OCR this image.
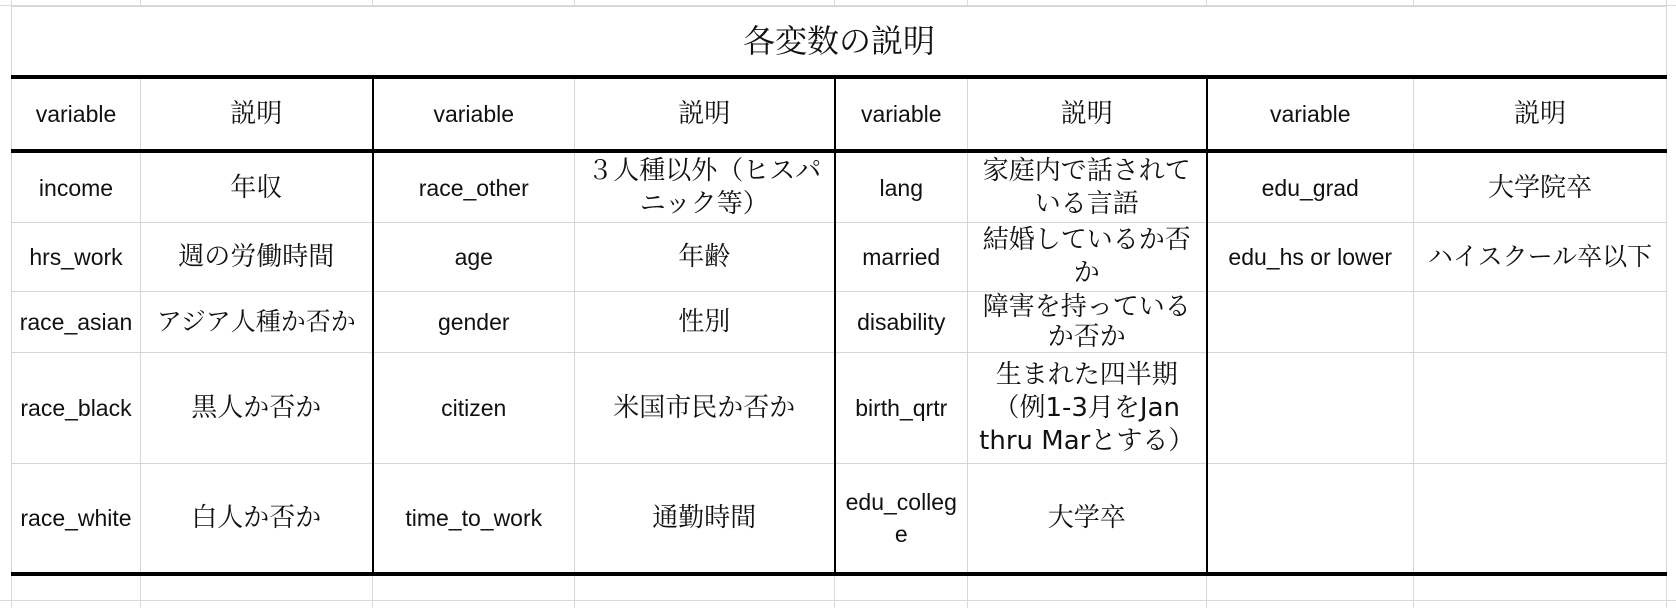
各変数の説明							
variable	説明	variable	説明	variable	説明	variable	説明
income	年収	race_other	３人種以外（ヒスパニック等）	lang	家庭内で話されている言語	edu_grad	大学院卒
hrs_work	週の労働時間	age	年齢	married	結婚しているか否か	edu_hs or lower	ハイスクール卒以下
race_asian	アジア人種か否か	gender	性別	disability	障害を持っているか否か		
race_black	黒人か否か	citizen	米国市民か否か	birth_qrtr	生まれた四半期（例1-3月をJan thru Marとする）		
race_white	白人か否か	time_to_work	通勤時間	edu_college	大学卒		
